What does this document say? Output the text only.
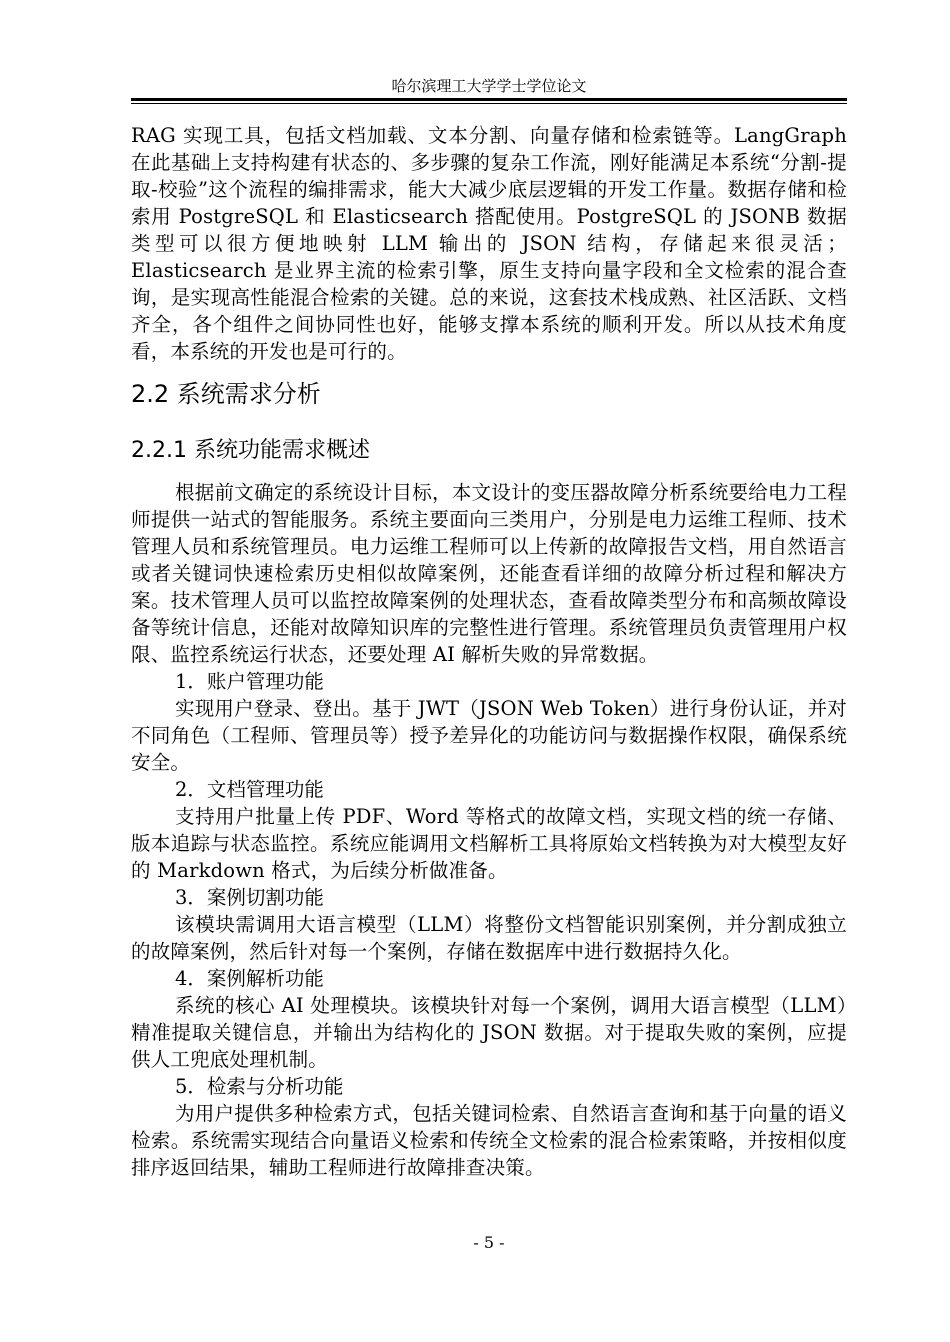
哈尔滨理工大学学士学位论文

RAG 实现工具，包括文档加载、文本分割、向量存储和检索链等。LangGraph 在此基础上支持构建有状态的、多步骤的复杂工作流，刚好能满足本系统“分割-提取-校验”这个流程的编排需求，能大大减少底层逻辑的开发工作量。数据存储和检索用 PostgreSQL 和 Elasticsearch 搭配使用。PostgreSQL 的 JSONB 数据类型可以很方便地映射 LLM 输出的 JSON 结构，存储起来很灵活；Elasticsearch 是业界主流的检索引擎，原生支持向量字段和全文检索的混合查询，是实现高性能混合检索的关键。总的来说，这套技术栈成熟、社区活跃、文档齐全，各个组件之间协同性也好，能够支撑本系统的顺利开发。所以从技术角度看，本系统的开发也是可行的。

2.2 系统需求分析
2.2.1 系统功能需求概述

根据前文确定的系统设计目标，本文设计的变压器故障分析系统要给电力工程师提供一站式的智能服务。系统主要面向三类用户，分别是电力运维工程师、技术管理人员和系统管理员。电力运维工程师可以上传新的故障报告文档，用自然语言或者关键词快速检索历史相似故障案例，还能查看详细的故障分析过程和解决方案。技术管理人员可以监控故障案例的处理状态，查看故障类型分布和高频故障设备等统计信息，还能对故障知识库的完整性进行管理。系统管理员负责管理用户权限、监控系统运行状态，还要处理 AI 解析失败的异常数据。

1．账户管理功能

实现用户登录、登出。基于 JWT（JSON Web Token）进行身份认证，并对不同角色（工程师、管理员等）授予差异化的功能访问与数据操作权限，确保系统安全。

2．文档管理功能

支持用户批量上传 PDF、Word 等格式的故障文档，实现文档的统一存储、版本追踪与状态监控。系统应能调用文档解析工具将原始文档转换为对大模型友好的 Markdown 格式，为后续分析做准备。

3．案例切割功能

该模块需调用大语言模型（LLM）将整份文档智能识别案例，并分割成独立的故障案例，然后针对每一个案例，存储在数据库中进行数据持久化。

4．案例解析功能

系统的核心 AI 处理模块。该模块针对每一个案例，调用大语言模型（LLM）精准提取关键信息，并输出为结构化的 JSON 数据。对于提取失败的案例，应提供人工兜底处理机制。

5．检索与分析功能

为用户提供多种检索方式，包括关键词检索、自然语言查询和基于向量的语义检索。系统需实现结合向量语义检索和传统全文检索的混合检索策略，并按相似度排序返回结果，辅助工程师进行故障排查决策。

- 5 -
